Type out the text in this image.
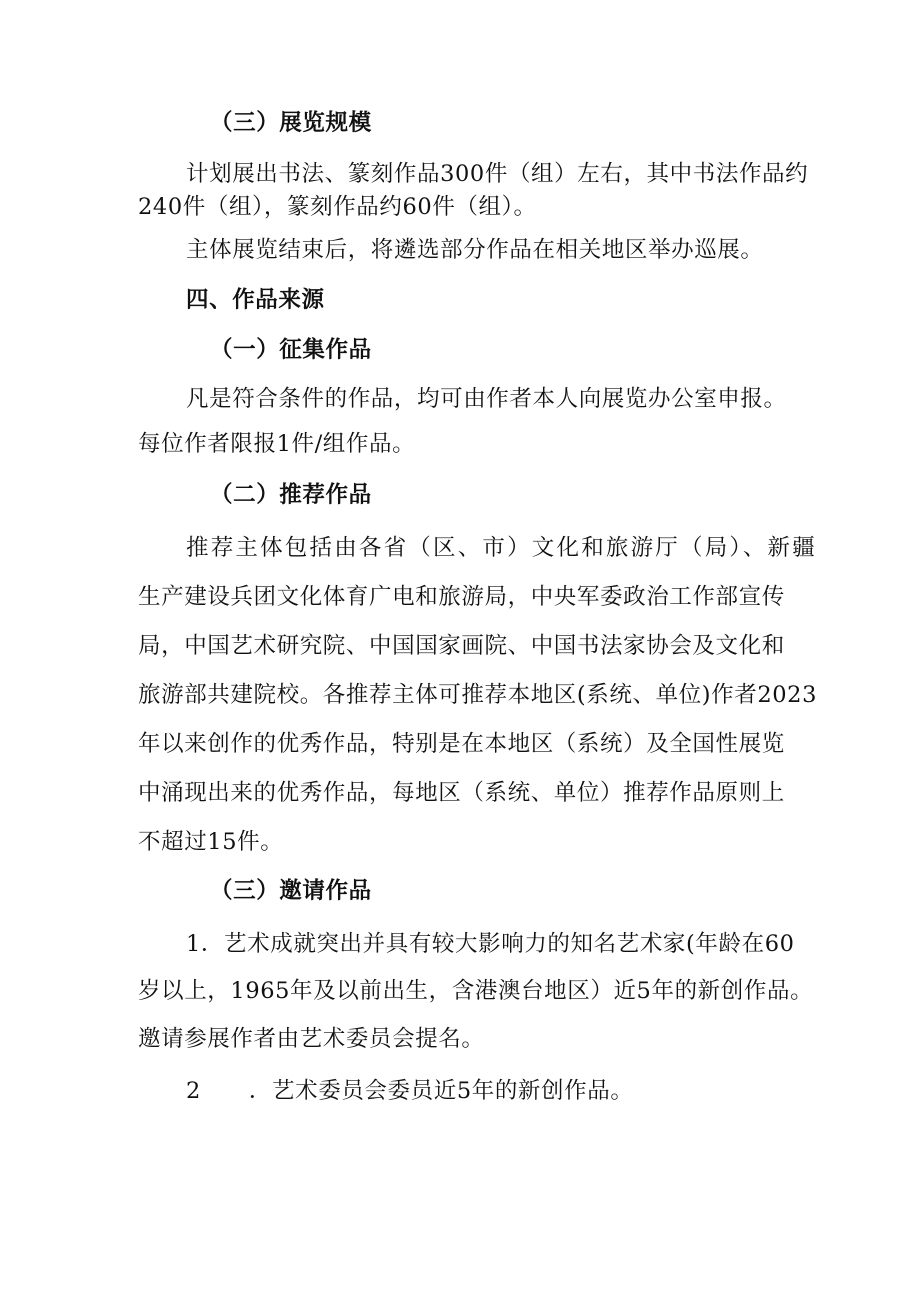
（三）展览规模
计划展出书法、篆刻作品300件（组）左右，其中书法作品约
240件（组），篆刻作品约60件（组）。
主体展览结束后，将遴选部分作品在相关地区举办巡展。
四、作品来源
（一）征集作品
凡是符合条件的作品，均可由作者本人向展览办公室申报。
每位作者限报1件/组作品。
（二）推荐作品
推荐主体包括由各省（区、市）文化和旅游厅（局）、新疆
生产建设兵团文化体育广电和旅游局，中央军委政治工作部宣传
局，中国艺术研究院、中国国家画院、中国书法家协会及文化和
旅游部共建院校。各推荐主体可推荐本地区(系统、单位)作者2023
年以来创作的优秀作品，特别是在本地区（系统）及全国性展览
中涌现出来的优秀作品，每地区（系统、单位）推荐作品原则上
不超过15件。
（三）邀请作品
1．艺术成就突出并具有较大影响力的知名艺术家(年龄在60
岁以上，1965年及以前出生，含港澳台地区）近5年的新创作品。
邀请参展作者由艺术委员会提名。
2 ．艺术委员会委员近5年的新创作品。
